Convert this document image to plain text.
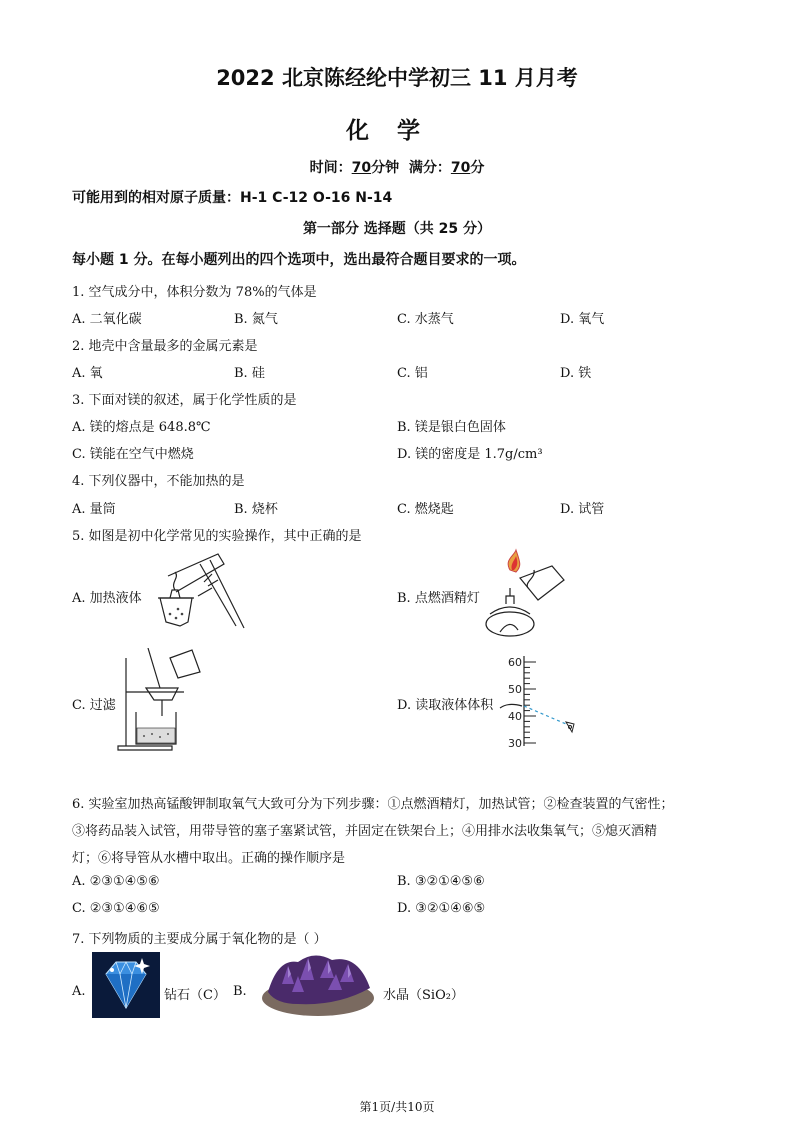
2022 北京陈经纶中学初三 11 月月考
化学
时间：70分钟 满分：70分
可能用到的相对原子质量：H-1 C-12 O-16 N-14
第一部分 选择题（共 25 分）
每小题 1 分。在每小题列出的四个选项中，选出最符合题目要求的一项。
1. 空气成分中，体积分数为 78%的气体是
A. 二氧化碳	B. 氮气	C. 水蒸气	D. 氧气
2. 地壳中含量最多的金属元素是
A. 氧	B. 硅	C. 铝	D. 铁
3. 下面对镁的叙述，属于化学性质的是
A. 镁的熔点是 648.8℃	B. 镁是银白色固体
C. 镁能在空气中燃烧	D. 镁的密度是 1.7g/cm³
4. 下列仪器中，不能加热的是
A. 量筒	B. 烧杯	C. 燃烧匙	D. 试管
5. 如图是初中化学常见的实验操作，其中正确的是
A. 加热液体	B. 点燃酒精灯
C. 过滤	D. 读取液体体积
60
50
40
30
6. 实验室加热高锰酸钾制取氧气大致可分为下列步骤：①点燃酒精灯，加热试管；②检查装置的气密性；
③将药品装入试管，用带导管的塞子塞紧试管，并固定在铁架台上；④用排水法收集氧气；⑤熄灭酒精
灯；⑥将导管从水槽中取出。正确的操作顺序是
A. ②③①④⑤⑥	B. ③②①④⑤⑥
C. ②③①④⑥⑤	D. ③②①④⑥⑤
7. 下列物质的主要成分属于氧化物的是（ ）
A.	钻石（C） B.	水晶（SiO₂）
第1页/共10页
